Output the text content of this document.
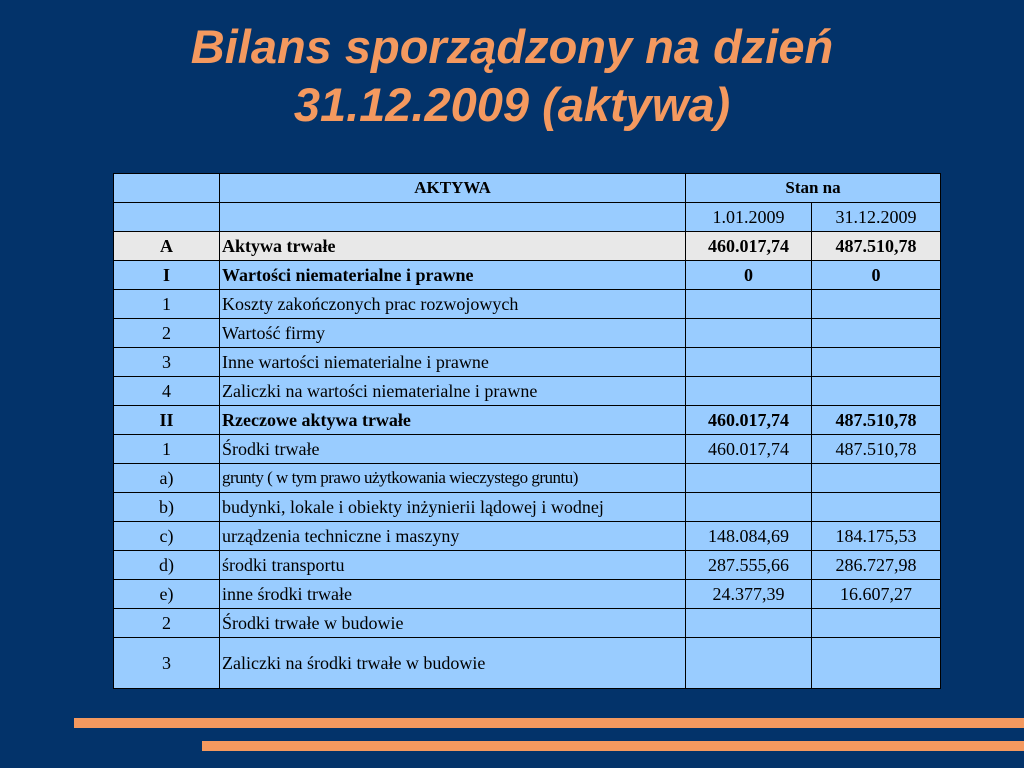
Bilans sporządzony na dzień
31.12.2009 (aktywa)
	AKTYWA	Stan na	
		1.01.2009	31.12.2009
A	Aktywa trwałe	460.017,74	487.510,78
I	Wartości niematerialne i prawne	0	0
1	Koszty zakończonych prac rozwojowych		
2	Wartość firmy		
3	Inne wartości niematerialne i prawne		
4	Zaliczki na wartości niematerialne i prawne		
II	Rzeczowe aktywa trwałe	460.017,74	487.510,78
1	Środki trwałe	460.017,74	487.510,78
a)	grunty ( w tym prawo użytkowania wieczystego gruntu)		
b)	budynki, lokale i obiekty inżynierii lądowej i wodnej		
c)	urządzenia techniczne i maszyny	148.084,69	184.175,53
d)	środki transportu	287.555,66	286.727,98
e)	inne środki trwałe	24.377,39	16.607,27
2	Środki trwałe w budowie		
3	Zaliczki na środki trwałe w budowie		
